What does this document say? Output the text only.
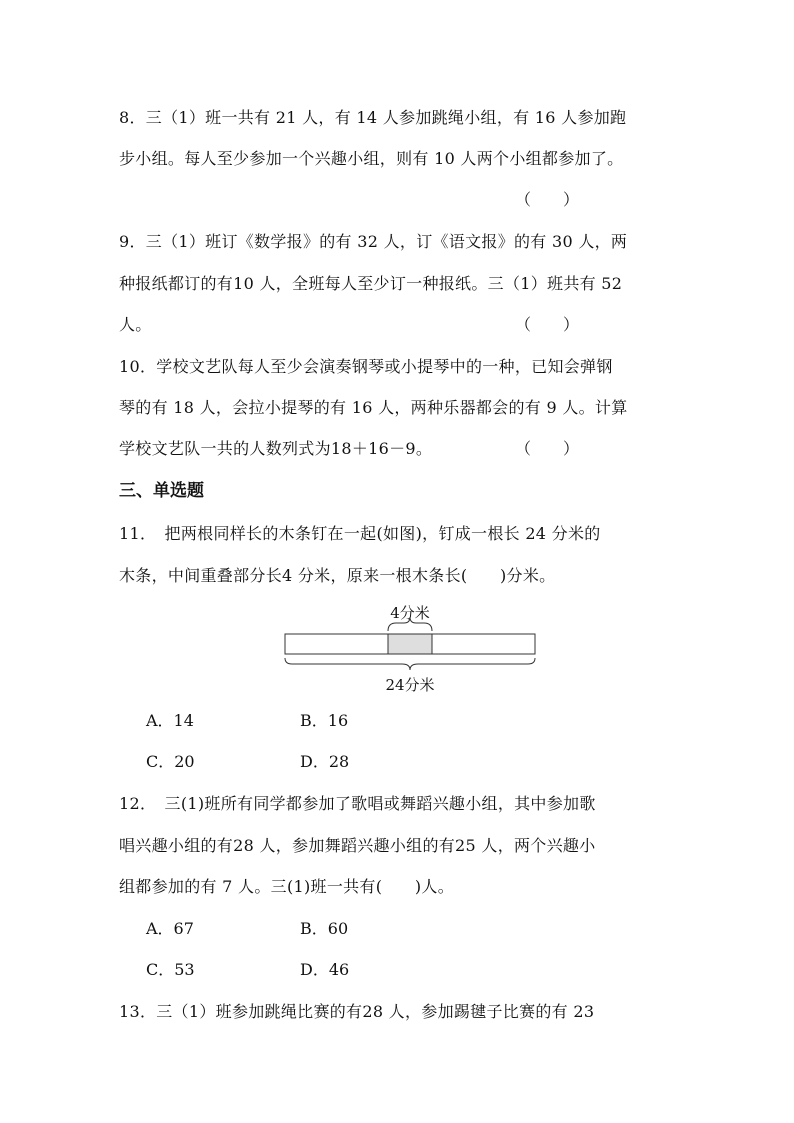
8．三（1）班一共有 21 人，有 14 人参加跳绳小组，有 16 人参加跑
步小组。每人至少参加一个兴趣小组，则有 10 人两个小组都参加了。
（　　）
9．三（1）班订《数学报》的有 32 人，订《语文报》的有 30 人，两
种报纸都订的有10 人，全班每人至少订一种报纸。三（1）班共有 52
人。	（　　）
10．学校文艺队每人至少会演奏钢琴或小提琴中的一种，已知会弹钢
琴的有 18 人，会拉小提琴的有 16 人，两种乐器都会的有 9 人。计算
学校文艺队一共的人数列式为18＋16－9。	（　　）
三、单选题
11．　把两根同样长的木条钉在一起(如图)，钉成一根长 24 分米的
木条，中间重叠部分长4 分米，原来一根木条长(　　)分米。
4分米
24分米
A．14	B．16
C．20	D．28
12．　三(1)班所有同学都参加了歌唱或舞蹈兴趣小组，其中参加歌
唱兴趣小组的有28 人，参加舞蹈兴趣小组的有25 人，两个兴趣小
组都参加的有 7 人。三(1)班一共有(　　)人。
A．67	B．60
C．53	D．46
13．三（1）班参加跳绳比赛的有28 人，参加踢毽子比赛的有 23
